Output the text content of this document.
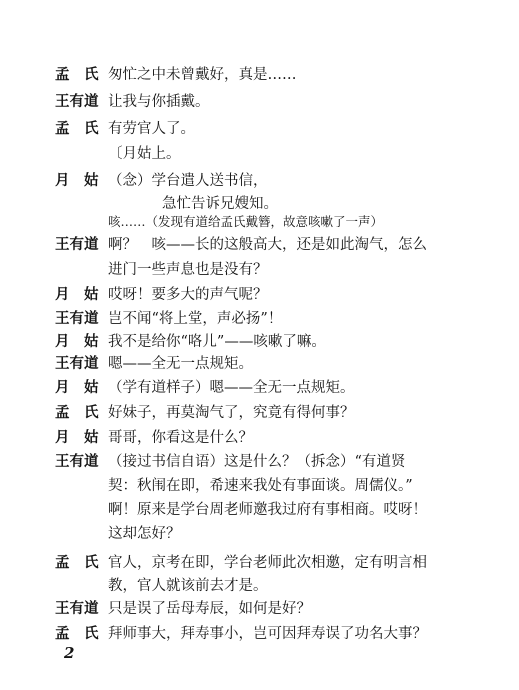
孟　氏 匆忙之中未曾戴好，真是……
王有道 让我与你插戴。
孟　氏 有劳官人了。
〔月姑上。
月　姑 （念）学台遣人送书信，
急忙告诉兄嫂知。
咳……（发现有道给孟氏戴簪，故意咳嗽了一声）
王有道 啊？　咳——长的这般高大，还是如此淘气，怎么
进门一些声息也是没有？
月　姑 哎呀！要多大的声气呢？
王有道 岂不闻“将上堂，声必扬”！
月　姑 我不是给你“咯儿”——咳嗽了嘛。
王有道 嗯——全无一点规矩。
月　姑 （学有道样子）嗯——全无一点规矩。
孟　氏 好妹子，再莫淘气了，究竟有得何事？
月　姑 哥哥，你看这是什么？
王有道 （接过书信自语）这是什么？（拆念）“有道贤
契：秋闱在即，希速来我处有事面谈。周儒仪。”
啊！原来是学台周老师邀我过府有事相商。哎呀！
这却怎好？
孟　氏 官人，京考在即，学台老师此次相邀，定有明言相
教，官人就该前去才是。
王有道 只是误了岳母寿辰，如何是好？
孟　氏 拜师事大，拜寿事小，岂可因拜寿误了功名大事？
2
